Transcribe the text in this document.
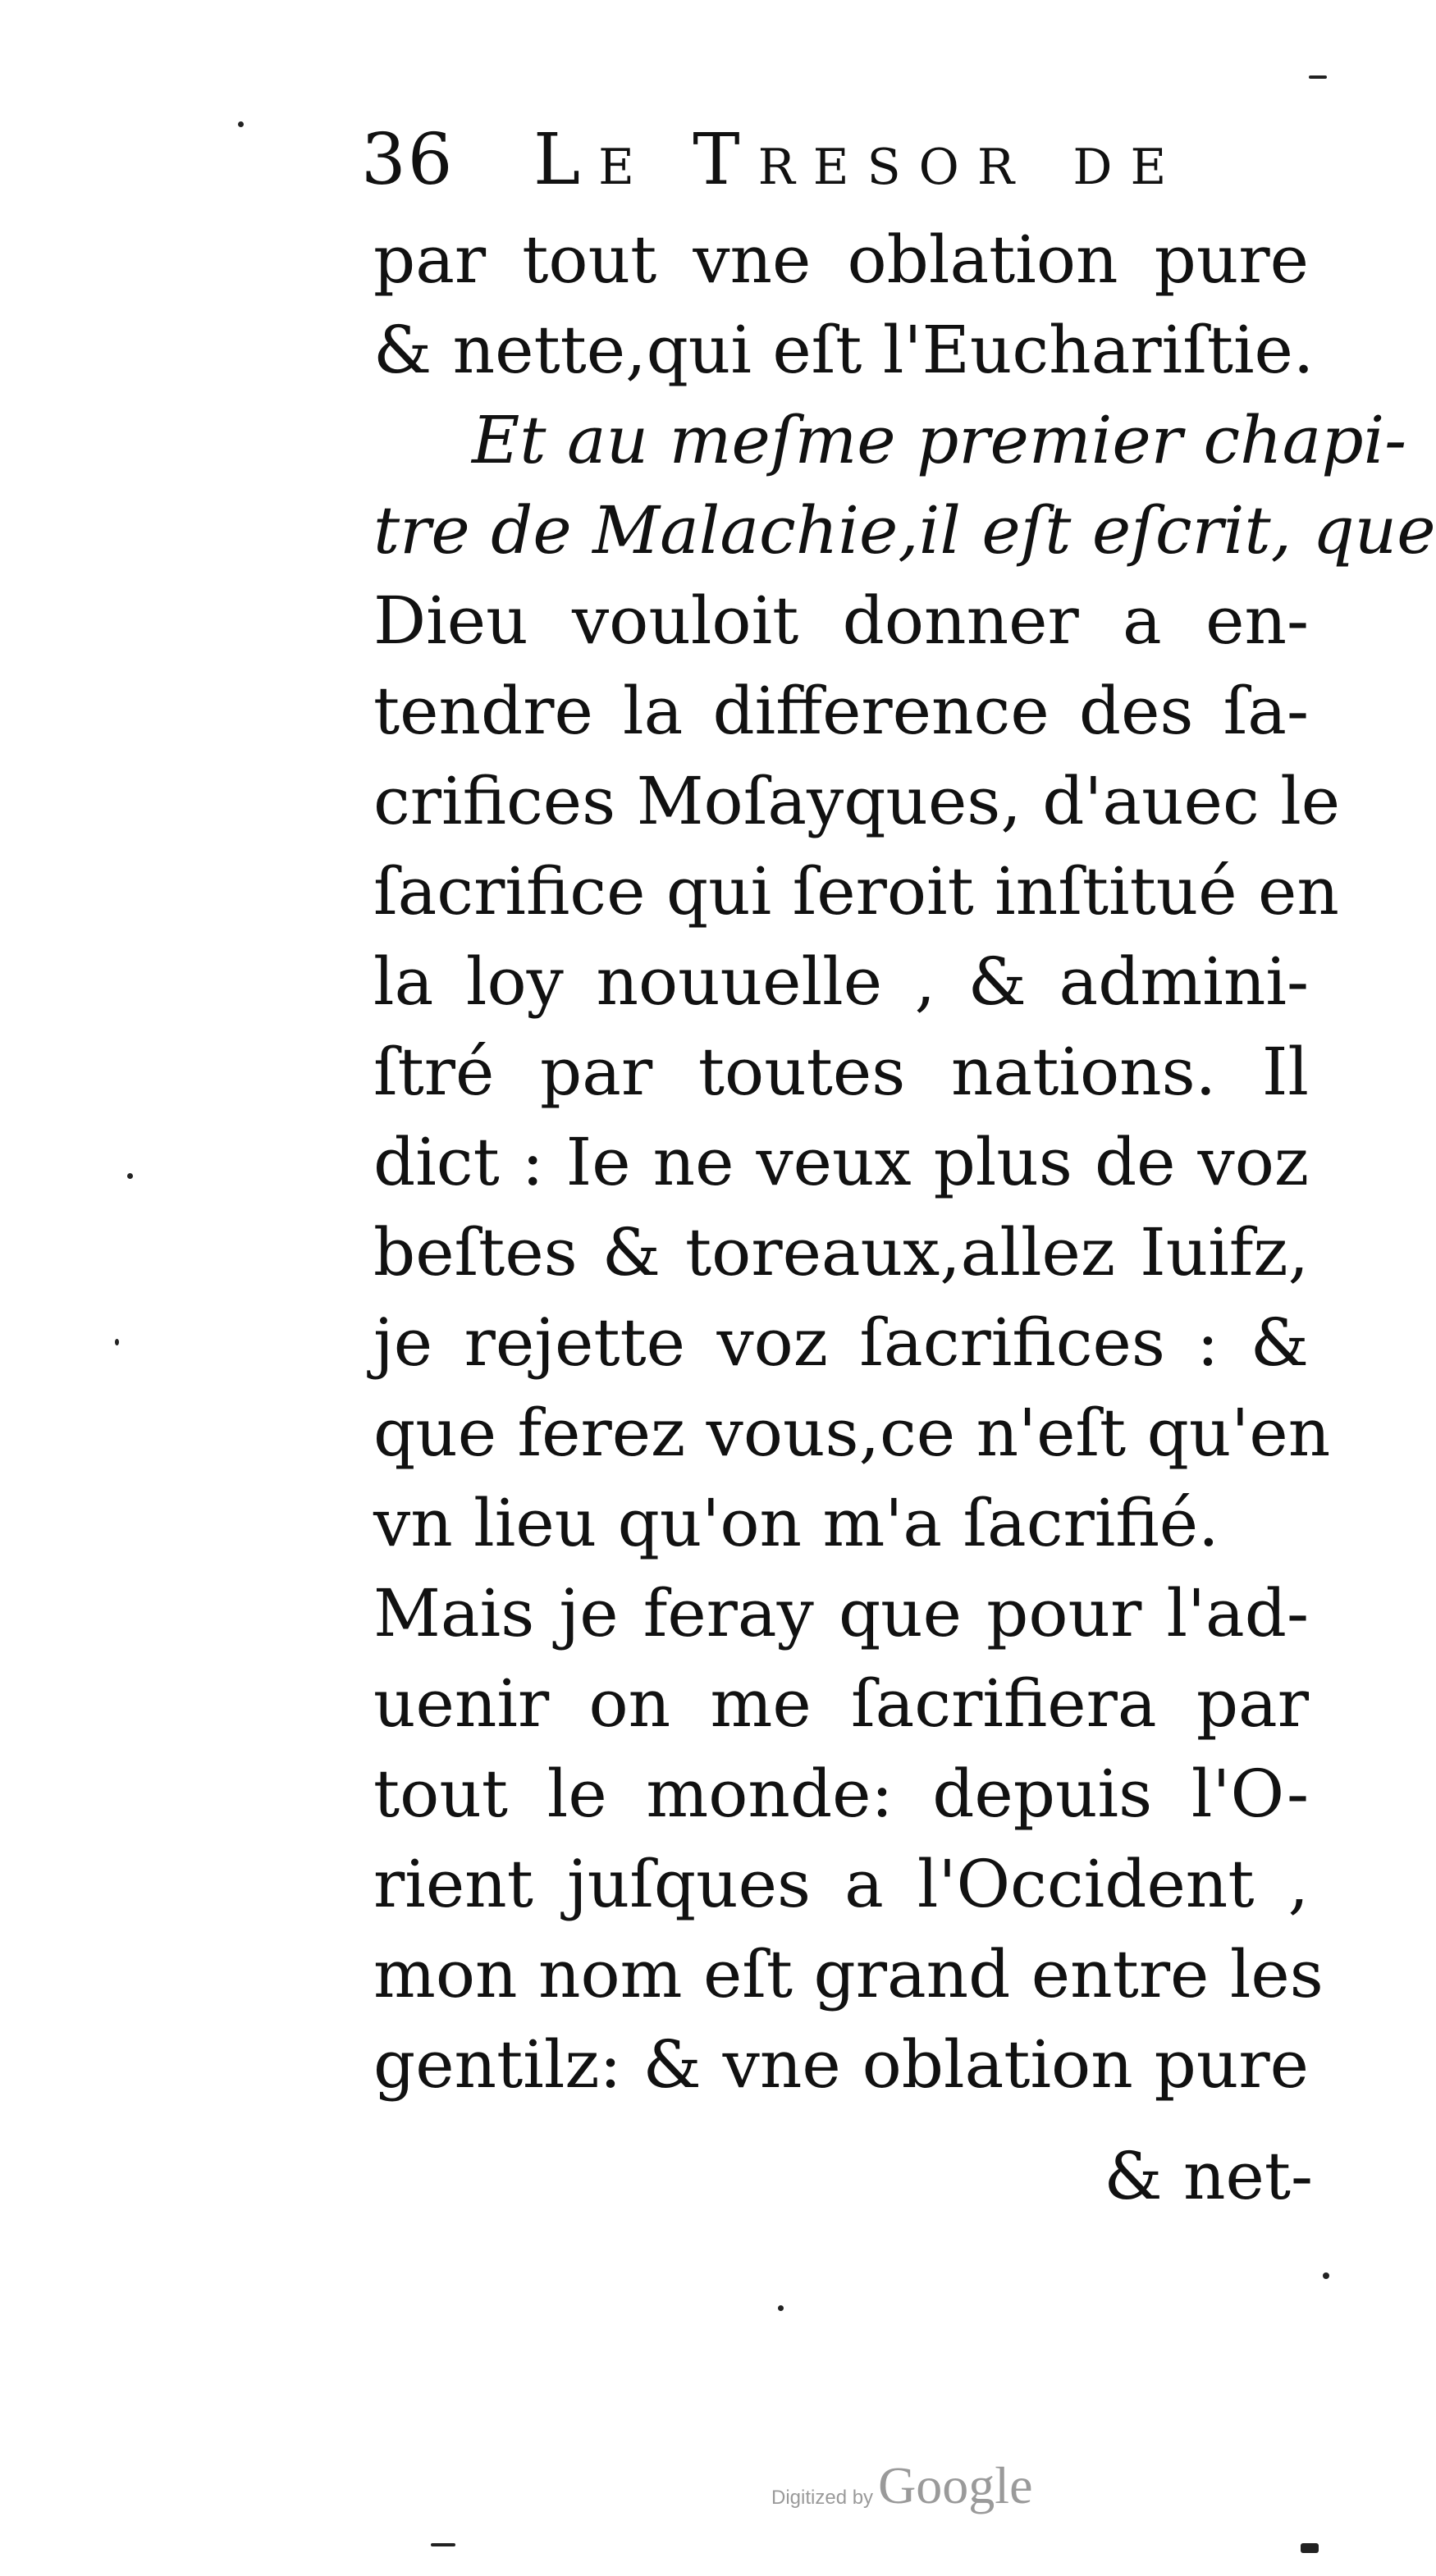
36 Le Tresor de
par tout vne oblation pure
& nette,qui eſt l'Euchariſtie.
Et au meſme premier chapi-
tre de Malachie,il eſt eſcrit, que
Dieu vouloit donner a en-
tendre la difference des ſa-
crifices Moſayques, d'auec le
ſacrifice qui ſeroit inſtitué en
la loy nouuelle , & admini-
ſtré par toutes nations. Il
dict : Ie ne veux plus de voz
beſtes & toreaux,allez Iuifz,
je rejette voz ſacrifices : &
que ferez vous,ce n'eſt qu'en
vn lieu qu'on m'a ſacrifié.
Mais je feray que pour l'ad-
uenir on me ſacrifiera par
tout le monde: depuis l'O-
rient juſques a l'Occident ,
mon nom eſt grand entre les
gentilz: & vne oblation pure
& net-
Digitized by Google
